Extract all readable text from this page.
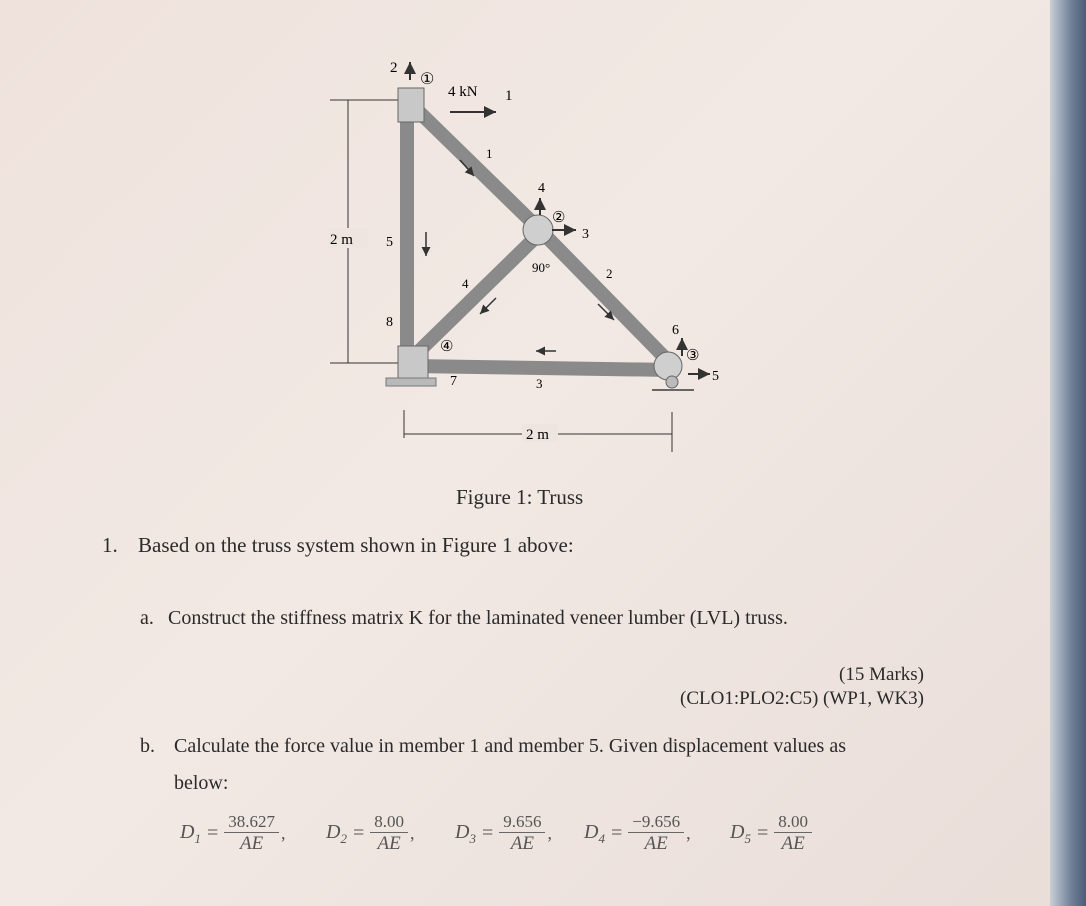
2 m
4 kN 1
2
①
4
3
②
90°
6
5
③
8
7
④
1
2
3
4
5
2 m
Figure 1: Truss
1. Based on the truss system shown in Figure 1 above:
a. Construct the stiffness matrix K for the laminated veneer lumber (LVL) truss.
(15 Marks)
(CLO1:PLO2:C5) (WP1, WK3)
b. Calculate the force value in member 1 and member 5. Given displacement values as
below:
$D_1 = \frac{38.627}{AE}$ , $D_2 = \frac{8.00}{AE}$ , $D_3 = \frac{9.656}{AE}$ , $D_4 = \frac{-9.656}{AE}$ , $D_5 = \frac{8.00}{AE}$
